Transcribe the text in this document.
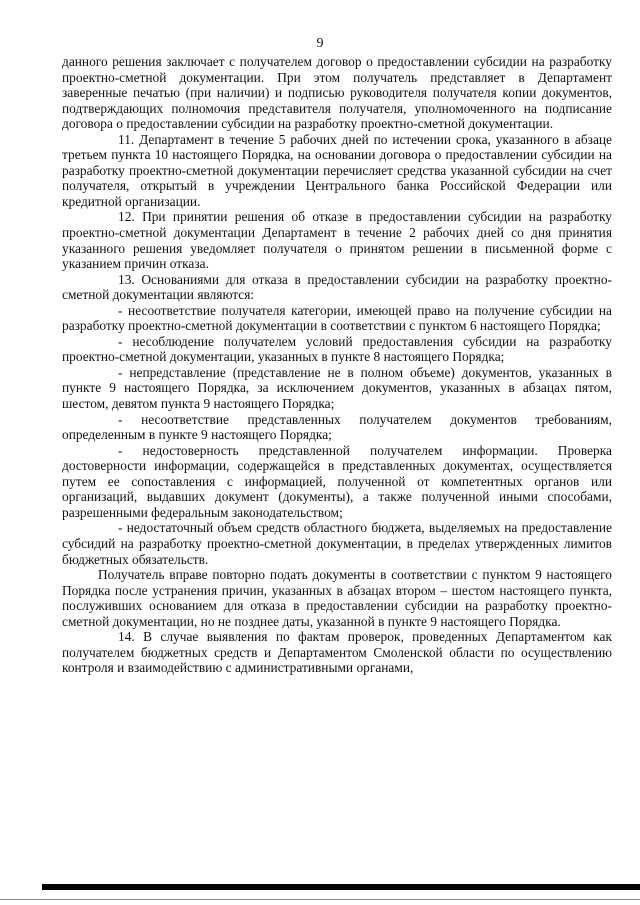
9

данного решения заключает с получателем договор о предоставлении субсидии на разработку проектно-сметной документации. При этом получатель представляет в Департамент заверенные печатью (при наличии) и подписью руководителя получателя копии документов, подтверждающих полномочия представителя получателя, уполномоченного на подписание договора о предоставлении субсидии на разработку проектно-сметной документации.

11. Департамент в течение 5 рабочих дней по истечении срока, указанного в абзаце третьем пункта 10 настоящего Порядка, на основании договора о предоставлении субсидии на разработку проектно-сметной документации перечисляет средства указанной субсидии на счет получателя, открытый в учреждении Центрального банка Российской Федерации или кредитной организации.

12. При принятии решения об отказе в предоставлении субсидии на разработку проектно-сметной документации Департамент в течение 2 рабочих дней со дня принятия указанного решения уведомляет получателя о принятом решении в письменной форме с указанием причин отказа.

13. Основаниями для отказа в предоставлении субсидии на разработку проектно-сметной документации являются:

- несоответствие получателя категории, имеющей право на получение субсидии на разработку проектно-сметной документации в соответствии с пунктом 6 настоящего Порядка;

- несоблюдение получателем условий предоставления субсидии на разработку проектно-сметной документации, указанных в пункте 8 настоящего Порядка;

- непредставление (представление не в полном объеме) документов, указанных в пункте 9 настоящего Порядка, за исключением документов, указанных в абзацах пятом, шестом, девятом пункта 9 настоящего Порядка;

- несоответствие представленных получателем документов требованиям, определенным в пункте 9 настоящего Порядка;

- недостоверность представленной получателем информации. Проверка достоверности информации, содержащейся в представленных документах, осуществляется путем ее сопоставления с информацией, полученной от компетентных органов или организаций, выдавших документ (документы), а также полученной иными способами, разрешенными федеральным законодательством;

- недостаточный объем средств областного бюджета, выделяемых на предоставление субсидий на разработку проектно-сметной документации, в пределах утвержденных лимитов бюджетных обязательств.

Получатель вправе повторно подать документы в соответствии с пунктом 9 настоящего Порядка после устранения причин, указанных в абзацах втором – шестом настоящего пункта, послуживших основанием для отказа в предоставлении субсидии на разработку проектно-сметной документации, но не позднее даты, указанной в пункте 9 настоящего Порядка.

14. В случае выявления по фактам проверок, проведенных Департаментом как получателем бюджетных средств и Департаментом Смоленской области по осуществлению контроля и взаимодействию с административными органами,
